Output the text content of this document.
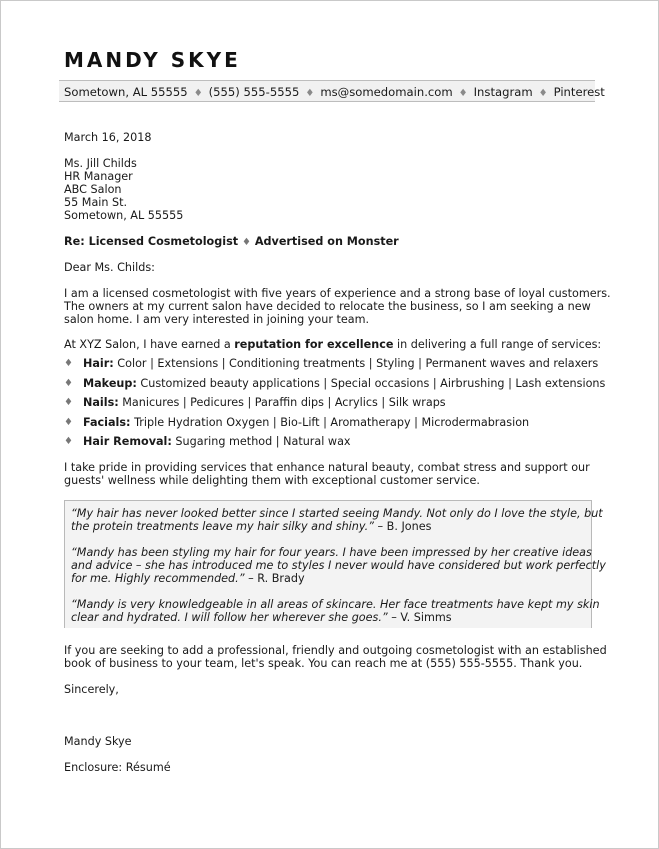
MANDY SKYE
Sometown, AL 55555 ♦ (555) 555-5555 ♦ ms@somedomain.com ♦ Instagram ♦ Pinterest
March 16, 2018
Ms. Jill Childs
HR Manager
ABC Salon
55 Main St.
Sometown, AL 55555
Re: Licensed Cosmetologist ♦ Advertised on Monster
Dear Ms. Childs:
I am a licensed cosmetologist with five years of experience and a strong base of loyal customers.
The owners at my current salon have decided to relocate the business, so I am seeking a new
salon home. I am very interested in joining your team.
At XYZ Salon, I have earned a reputation for excellence in delivering a full range of services:
♦ Hair: Color | Extensions | Conditioning treatments | Styling | Permanent waves and relaxers
♦ Makeup: Customized beauty applications | Special occasions | Airbrushing | Lash extensions
♦ Nails: Manicures | Pedicures | Paraffin dips | Acrylics | Silk wraps
♦ Facials: Triple Hydration Oxygen | Bio-Lift | Aromatherapy | Microdermabrasion
♦ Hair Removal: Sugaring method | Natural wax
I take pride in providing services that enhance natural beauty, combat stress and support our
guests' wellness while delighting them with exceptional customer service.
“My hair has never looked better since I started seeing Mandy. Not only do I love the style, but
the protein treatments leave my hair silky and shiny.” – B. Jones
“Mandy has been styling my hair for four years. I have been impressed by her creative ideas
and advice – she has introduced me to styles I never would have considered but work perfectly
for me. Highly recommended.” – R. Brady
“Mandy is very knowledgeable in all areas of skincare. Her face treatments have kept my skin
clear and hydrated. I will follow her wherever she goes.” – V. Simms
If you are seeking to add a professional, friendly and outgoing cosmetologist with an established
book of business to your team, let's speak. You can reach me at (555) 555-5555. Thank you.
Sincerely,
Mandy Skye
Enclosure: Résumé
